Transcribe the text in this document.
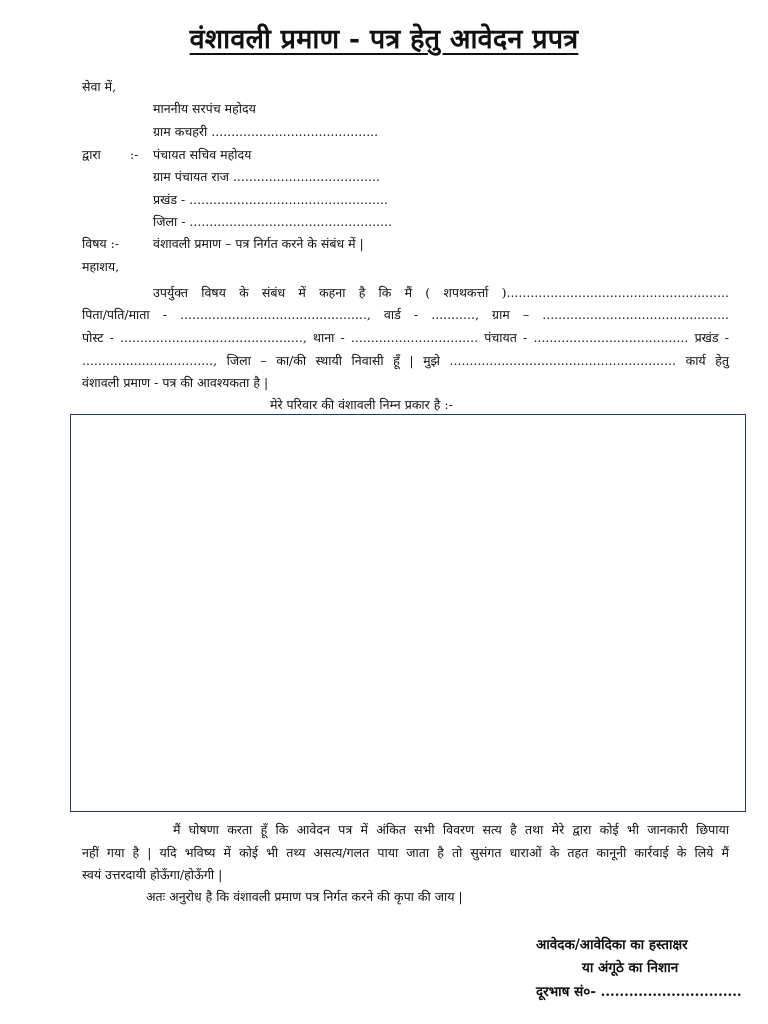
वंशावली प्रमाण - पत्र हेतु आवेदन प्रपत्र
सेवा में,
माननीय सरपंच महोदय
ग्राम कचहरी ..........................................
द्वारा :- पंचायत सचिव महोदय
ग्राम पंचायत राज .....................................
प्रखंड - ..................................................
जिला - ...................................................
विषय :-	वंशावली प्रमाण – पत्र निर्गत करने के संबंध में |
महाशय,
उपर्युक्त विषय के संबंध में कहना है कि मैं ( शपथकर्त्ता )........................................................
पिता/पति/माता - ..............................................., वार्ड - ..........., ग्राम – ...............................................
पोस्ट - .............................................., थाना - ................................ पंचायत - ....................................... प्रखंड -
................................., जिला – का/की स्थायी निवासी हूँ | मुझे ......................................................... कार्य हेतु
वंशावली प्रमाण - पत्र की आवश्यकता है |
मेरे परिवार की वंशावली निम्न प्रकार है :-
मैं घोषणा करता हूँ कि आवेदन पत्र में अंकित सभी विवरण सत्य है तथा मेरे द्वारा कोई भी जानकारी छिपाया
नहीं गया है | यदि भविष्य में कोई भी तथ्य असत्य/गलत पाया जाता है तो सुसंगत धाराओं के तहत कानूनी कार्रवाई के लिये मैं
स्वयं उत्तरदायी होऊँगा/होऊँगी |
अतः अनुरोध है कि वंशावली प्रमाण पत्र निर्गत करने की कृपा की जाय |
आवेदक/आवेदिका का हस्ताक्षर
या अंगूठे का निशान
दूरभाष सं०- ..............................
